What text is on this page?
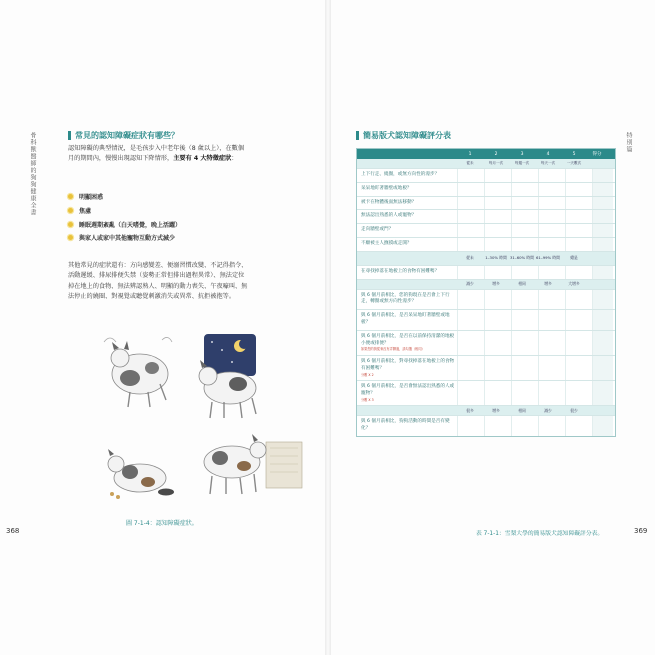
骨科獸醫師的狗狗健康全書
368
常見的認知障礙症狀有哪些？
認知障礙的典型情況，是毛孩步入中老年後（8 歲以上），在數個
月的期間內，慢慢出現認知下降情形，主要有 4 大特徵症狀：
明顯困惑
焦慮
睡眠週期紊亂（白天嗜覺，晚上活躍）
與家人或家中其他寵物互動方式減少
其他常見的症狀還有：方向感變差、便溺習慣改變、不記得指令、
活動遲緩、排尿排便失禁（姿勢正常但排出過程異常）、無法定位
掉在地上的食物、無法辨認熟人、明顯的動力喪失、午夜嚎叫、無
法停止的繞圈、對視覺或聽覺刺激消失或異常、抗拒被抱等。
圖 7-1-4：認知障礙症狀。
特別篇
369
簡易版犬認知障礙評分表
1	2	3	4	5	得分
從未	每月一次	每週一次	每天一次	一天數次
上下行走、繞圈，或無方向性的漫步？
呆呆地盯著牆壁或地板？
被卡在物體後面無法移動？
無法認出熟悉的人或寵物？
走向牆壁或門？
不願被主人撫摸或走開？
從未	1–30% 時間 31–60% 時間 61–99% 時間	總是
在尋找掉落在地板上的食物有困難嗎？
減少	增多	相同	增多	大增多
與 6 個月前相比，您的狗現在是否會上下行走，轉圈或無方向性漫步？
與 6 個月前相比，是否呆呆地盯著牆壁或地板？
與 6 個月前相比，是否在以前保持清潔的地板小便或排便？
如果您的狗從來沒有弄髒過，請勾選（相同）
與 6 個月前相比，對尋找掉落在地板上的食物有困難嗎？
分數 X 2
與 6 個月前相比，是否會無法認出熟悉的人或寵物？
分數 X 3
很多	增多	相同	減少	很少
與 6 個月前相比，狗狗活動的時間是否有變化？
表 7-1-1：雪梨大學的簡易版犬認知障礙評分表。
